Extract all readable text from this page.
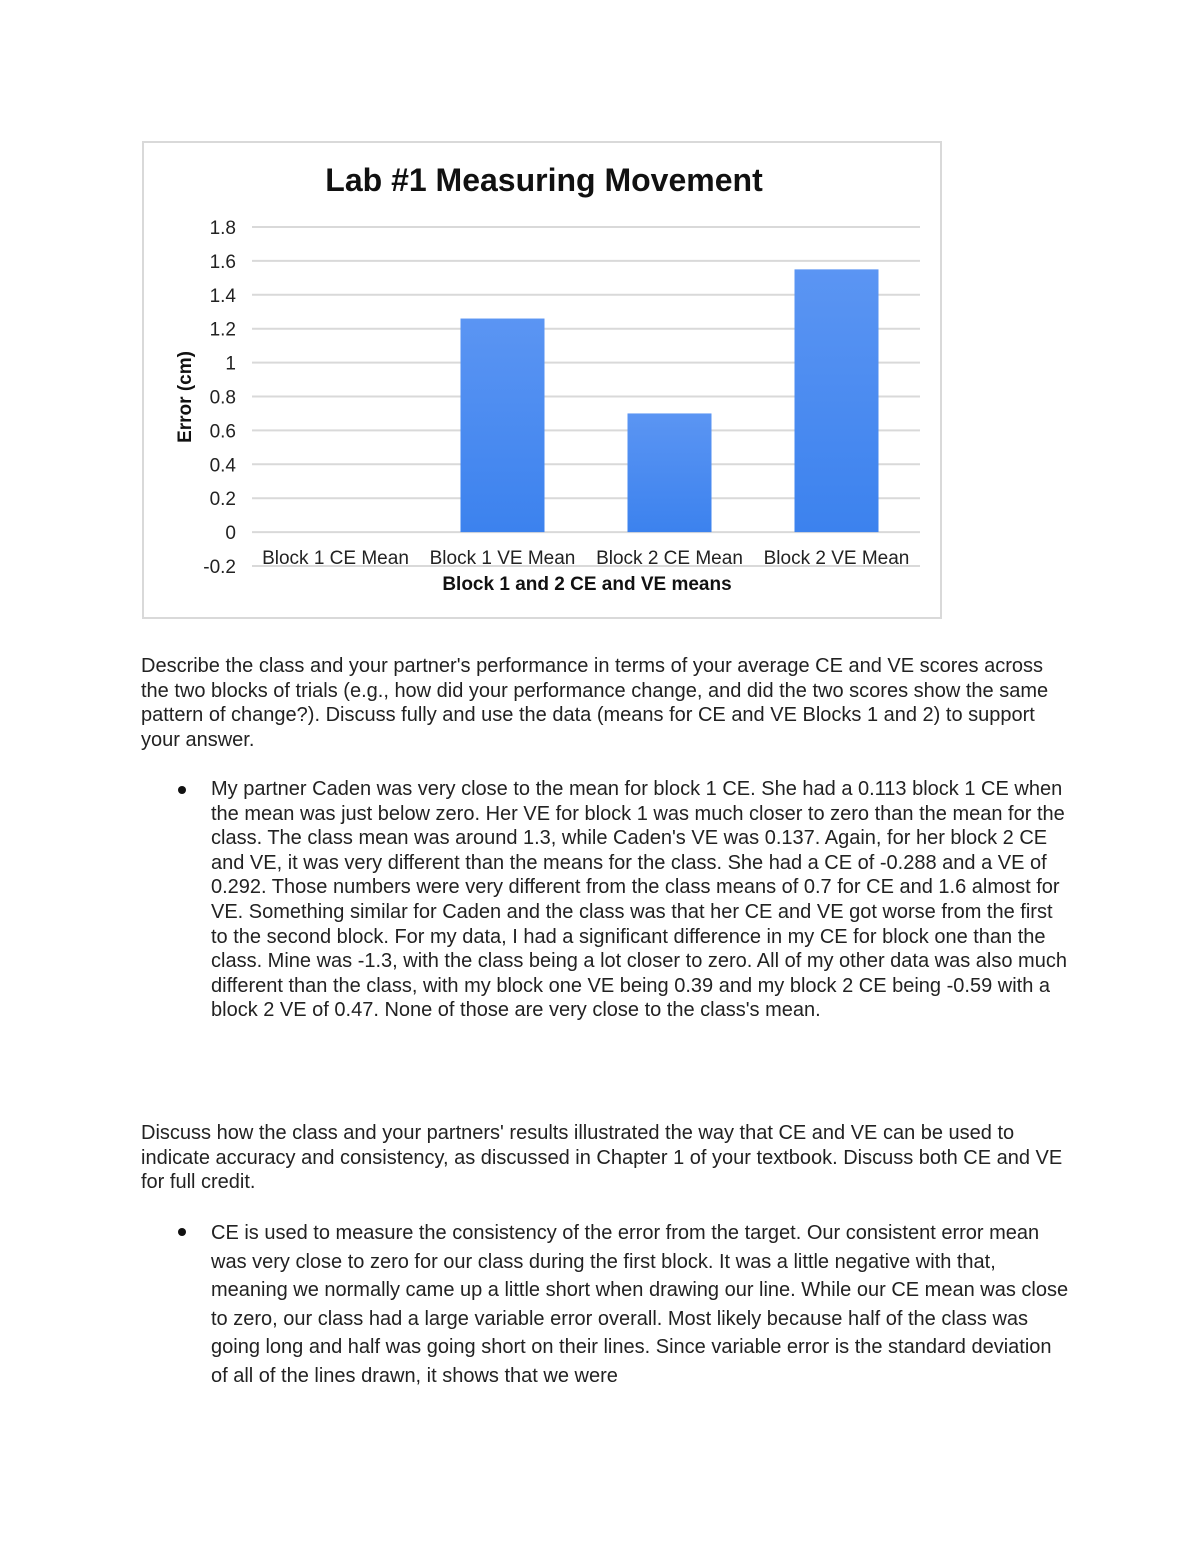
Lab #1 Measuring Movement
1.8
1.6
1.4
1.2
1
0.8
0.6
0.4
0.2
0
-0.2 Block 1 CE Mean Block 1 VE Mean Block 2 CE Mean Block 2 VE Mean
Error (cm)
Block 1 and 2 CE and VE means

Describe the class and your partner's performance in terms of your average CE and VE scores across the two blocks of trials (e.g., how did your performance change, and did the two scores show the same pattern of change?). Discuss fully and use the data (means for CE and VE Blocks 1 and 2) to support your answer.

My partner Caden was very close to the mean for block 1 CE. She had a 0.113 block 1 CE when the mean was just below zero. Her VE for block 1 was much closer to zero than the mean for the class. The class mean was around 1.3, while Caden's VE was 0.137. Again, for her block 2 CE and VE, it was very different than the means for the class. She had a CE of -0.288 and a VE of 0.292. Those numbers were very different from the class means of 0.7 for CE and 1.6 almost for VE. Something similar for Caden and the class was that her CE and VE got worse from the first to the second block. For my data, I had a significant difference in my CE for block one than the class. Mine was -1.3, with the class being a lot closer to zero. All of my other data was also much different than the class, with my block one VE being 0.39 and my block 2 CE being -0.59 with a block 2 VE of 0.47. None of those are very close to the class's mean.

Discuss how the class and your partners' results illustrated the way that CE and VE can be used to indicate accuracy and consistency, as discussed in Chapter 1 of your textbook. Discuss both CE and VE for full credit.

CE is used to measure the consistency of the error from the target. Our consistent error mean was very close to zero for our class during the first block. It was a little negative with that, meaning we normally came up a little short when drawing our line. While our CE mean was close to zero, our class had a large variable error overall. Most likely because half of the class was going long and half was going short on their lines. Since variable error is the standard deviation of all of the lines drawn, it shows that we were
